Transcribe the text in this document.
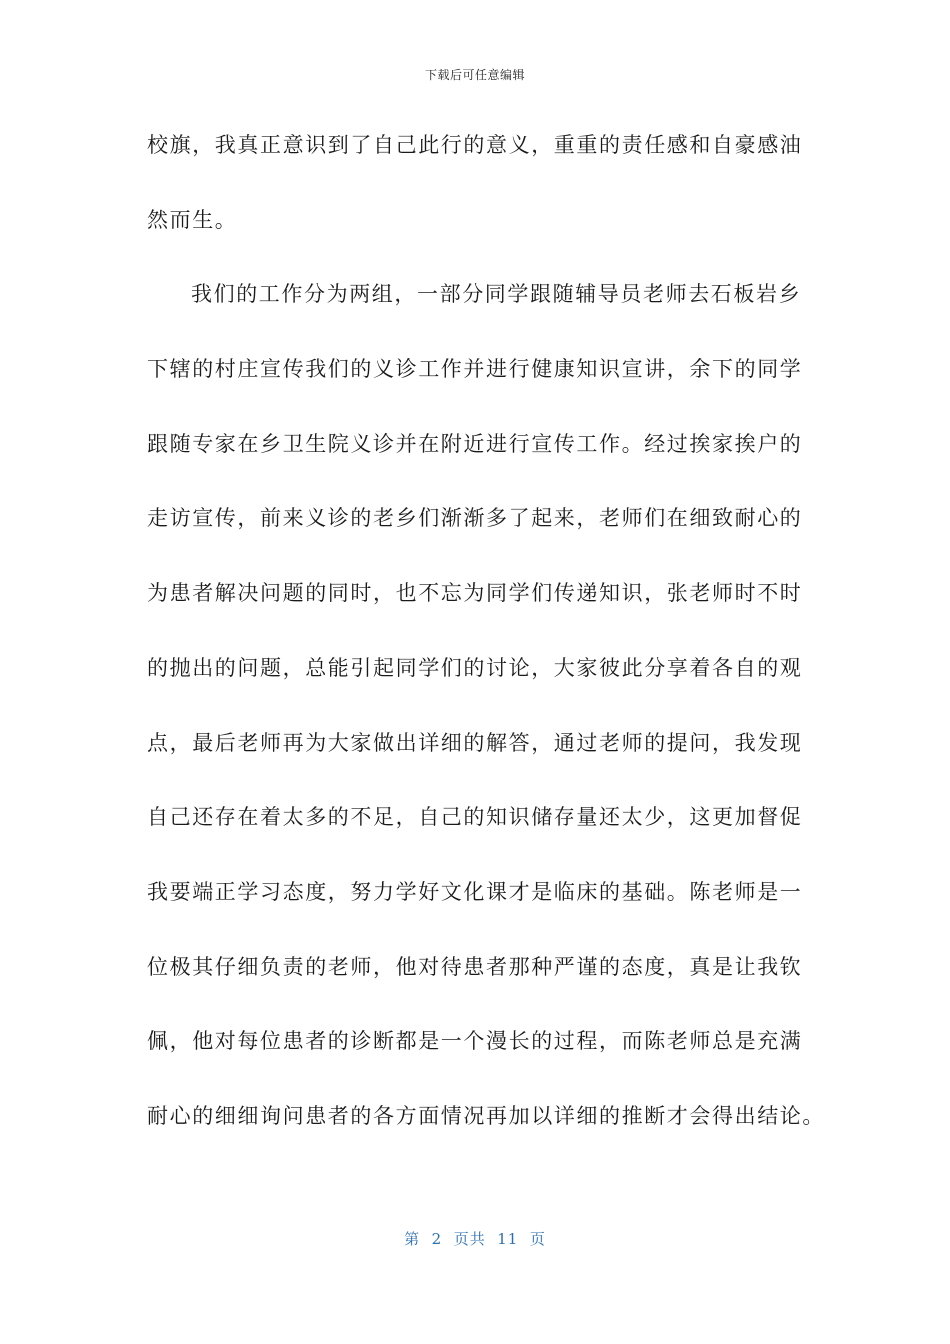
下载后可任意编辑
校旗，我真正意识到了自己此行的意义，重重的责任感和自豪感油
然而生。
我们的工作分为两组，一部分同学跟随辅导员老师去石板岩乡
下辖的村庄宣传我们的义诊工作并进行健康知识宣讲，余下的同学
跟随专家在乡卫生院义诊并在附近进行宣传工作。经过挨家挨户的
走访宣传，前来义诊的老乡们渐渐多了起来，老师们在细致耐心的
为患者解决问题的同时，也不忘为同学们传递知识，张老师时不时
的抛出的问题，总能引起同学们的讨论，大家彼此分享着各自的观
点，最后老师再为大家做出详细的解答，通过老师的提问，我发现
自己还存在着太多的不足，自己的知识储存量还太少，这更加督促
我要端正学习态度，努力学好文化课才是临床的基础。陈老师是一
位极其仔细负责的老师，他对待患者那种严谨的态度，真是让我钦
佩，他对每位患者的诊断都是一个漫长的过程，而陈老师总是充满
耐心的细细询问患者的各方面情况再加以详细的推断才会得出结论。
第  2  页共  11  页
